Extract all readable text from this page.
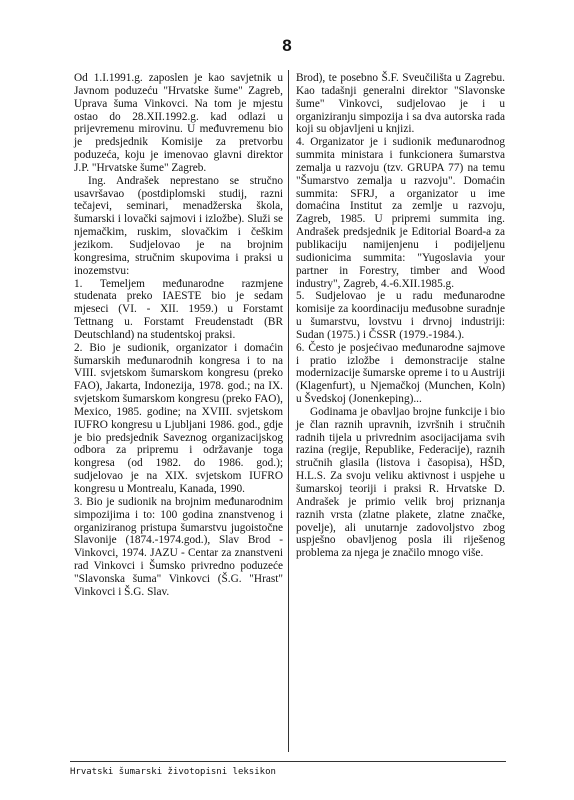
8

Od 1.I.1991.g. zaposlen je kao savjetnik u Javnom poduzeću "Hrvatske šume" Zagreb, Uprava šuma Vinkovci. Na tom je mjestu ostao do 28.XII.1992.g. kad odlazi u prijevremenu mirovinu. U međuvremenu bio je predsjednik Komisije za pretvorbu poduzeća, koju je imenovao glavni direktor J.P. "Hrvatske šume" Zagreb.

Ing. Andrašek neprestano se stručno usavršavao (postdiplomski studij, razni tečajevi, seminari, menadžerska škola, šumarski i lovački sajmovi i izložbe). Služi se njemačkim, ruskim, slovačkim i češkim jezikom. Sudjelovao je na brojnim kongresima, stručnim skupovima i praksi u inozemstvu:

1. Temeljem međunarodne razmjene studenata preko IAESTE bio je sedam mjeseci (VI. - XII. 1959.) u Forstamt Tettnang u. Forstamt Freudenstadt (BR Deutschland) na studentskoj praksi.

2. Bio je sudionik, organizator i domaćin šumarskih međunarodnih kongresa i to na VIII. svjetskom šumarskom kongresu (preko FAO), Jakarta, Indonezija, 1978. god.; na IX. svjetskom šumarskom kongresu (preko FAO), Mexico, 1985. godine; na XVIII. svjetskom IUFRO kongresu u Ljubljani 1986. god., gdje je bio predsjednik Saveznog organizacijskog odbora za pripremu i održavanje toga kongresa (od 1982. do 1986. god.); sudjelovao je na XIX. svjetskom IUFRO kongresu u Montrealu, Kanada, 1990.

3. Bio je sudionik na brojnim međunarodnim simpozijima i to: 100 godina znanstvenog i organiziranog pristupa šumarstvu jugoistočne Slavonije (1874.-1974.god.), Slav Brod - Vinkovci, 1974. JAZU - Centar za znanstveni rad Vinkovci i Šumsko privredno poduzeće "Slavonska šuma" Vinkovci (Š.G. "Hrast" Vinkovci i Š.G. Slav.

Brod), te posebno Š.F. Sveučilišta u Zagrebu. Kao tadašnji generalni direktor "Slavonske šume" Vinkovci, sudjelovao je i u organiziranju simpozija i sa dva autorska rada koji su objavljeni u knjizi.

4. Organizator je i sudionik međunarodnog summita ministara i funkcionera šumarstva zemalja u razvoju (tzv. GRUPA 77) na temu "Šumarstvo zemalja u razvoju". Domaćin summita: SFRJ, a organizator u ime domaćina Institut za zemlje u razvoju, Zagreb, 1985. U pripremi summita ing. Andrašek predsjednik je Editorial Board-a za publikaciju namijenjenu i podijeljenu sudionicima summita: "Yugoslavia your partner in Forestry, timber and Wood industry", Zagreb, 4.-6.XII.1985.g.

5. Sudjelovao je u radu međunarodne komisije za koordinaciju međusobne suradnje u šumarstvu, lovstvu i drvnoj industriji: Sudan (1975.) i ČSSR (1979.-1984.).

6. Često je posjećivao međunarodne sajmove i pratio izložbe i demonstracije stalne modernizacije šumarske opreme i to u Austriji (Klagenfurt), u Njemačkoj (Munchen, Koln) u Švedskoj (Jonenkeping)...

Godinama je obavljao brojne funkcije i bio je član raznih upravnih, izvršnih i stručnih radnih tijela u privrednim asocijacijama svih razina (regije, Republike, Federacije), raznih stručnih glasila (listova i časopisa), HŠD, H.L.S. Za svoju veliku aktivnost i uspjehe u šumarskoj teoriji i praksi R. Hrvatske D. Andrašek je primio velik broj priznanja raznih vrsta (zlatne plakete, zlatne značke, povelje), ali unutarnje zadovoljstvo zbog uspješno obavljenog posla ili riješenog problema za njega je značilo mnogo više.

Hrvatski šumarski životopisni leksikon
